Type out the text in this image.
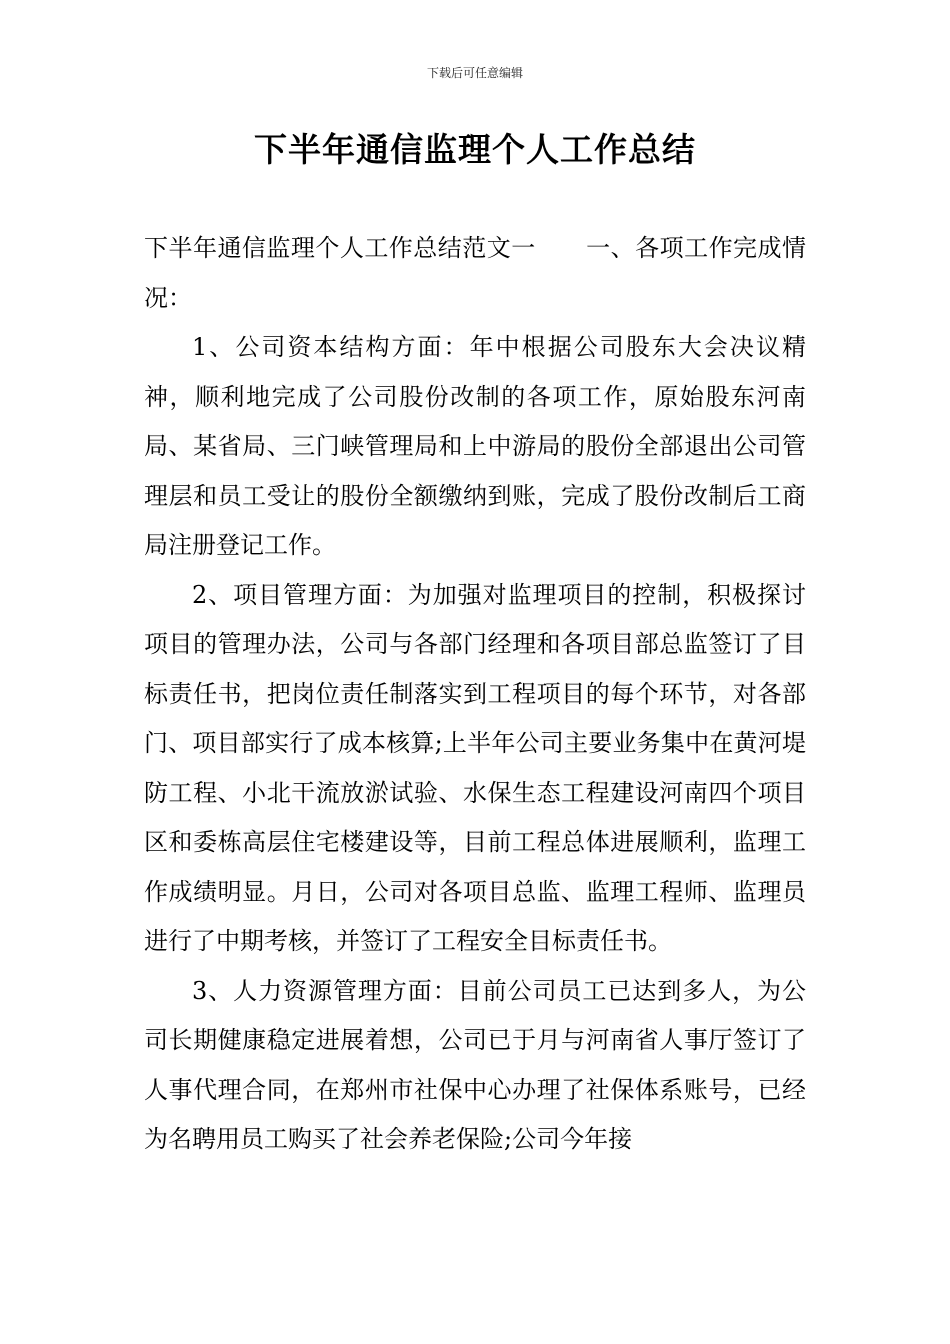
下载后可任意编辑
下半年通信监理个人工作总结

下半年通信监理个人工作总结范文一 一、各项工作完成情况：

1、公司资本结构方面：年中根据公司股东大会决议精神，顺利地完成了公司股份改制的各项工作，原始股东河南局、某省局、三门峡管理局和上中游局的股份全部退出公司管理层和员工受让的股份全额缴纳到账，完成了股份改制后工商局注册登记工作。

2、项目管理方面：为加强对监理项目的控制，积极探讨项目的管理办法，公司与各部门经理和各项目部总监签订了目标责任书，把岗位责任制落实到工程项目的每个环节，对各部门、项目部实行了成本核算;上半年公司主要业务集中在黄河堤防工程、小北干流放淤试验、水保生态工程建设河南四个项目区和委栋高层住宅楼建设等，目前工程总体进展顺利，监理工作成绩明显。月日，公司对各项目总监、监理工程师、监理员进行了中期考核，并签订了工程安全目标责任书。

3、人力资源管理方面：目前公司员工已达到多人，为公司长期健康稳定进展着想，公司已于月与河南省人事厅签订了人事代理合同，在郑州市社保中心办理了社保体系账号，已经为名聘用员工购买了社会养老保险;公司今年接
